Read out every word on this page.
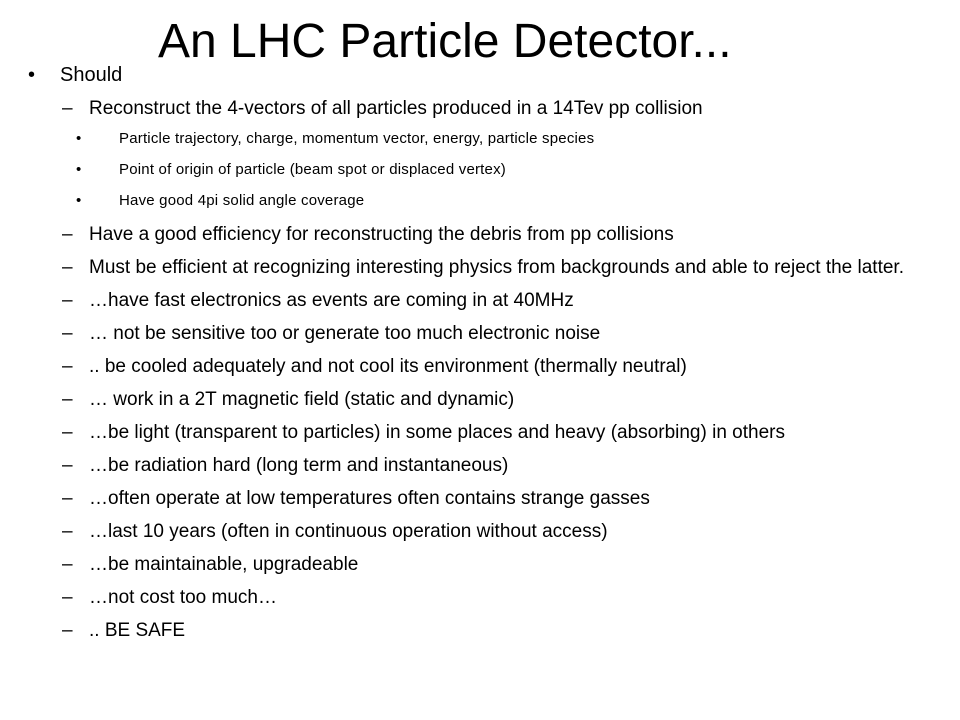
An LHC Particle Detector...
• Should
– Reconstruct the 4-vectors of all particles produced in a 14Tev pp collision
•	Particle trajectory, charge, momentum vector, energy, particle species
•	Point of origin of particle (beam spot or displaced vertex)
•	Have good 4pi solid angle coverage
– Have a good efficiency for reconstructing the debris from pp collisions
– Must be efficient at recognizing interesting physics from backgrounds and able to reject the latter.
– …have fast electronics as events are coming in at 40MHz
– … not be sensitive too or generate too much electronic noise
– .. be cooled adequately and not cool its environment (thermally neutral)
– … work in a 2T magnetic field (static and dynamic)
– …be light (transparent to particles) in some places and heavy (absorbing) in others
– …be radiation hard (long term and instantaneous)
– …often operate at low temperatures often contains strange gasses
– …last 10 years (often in continuous operation without access)
– …be maintainable, upgradeable
– …not cost too much…
– .. BE SAFE
